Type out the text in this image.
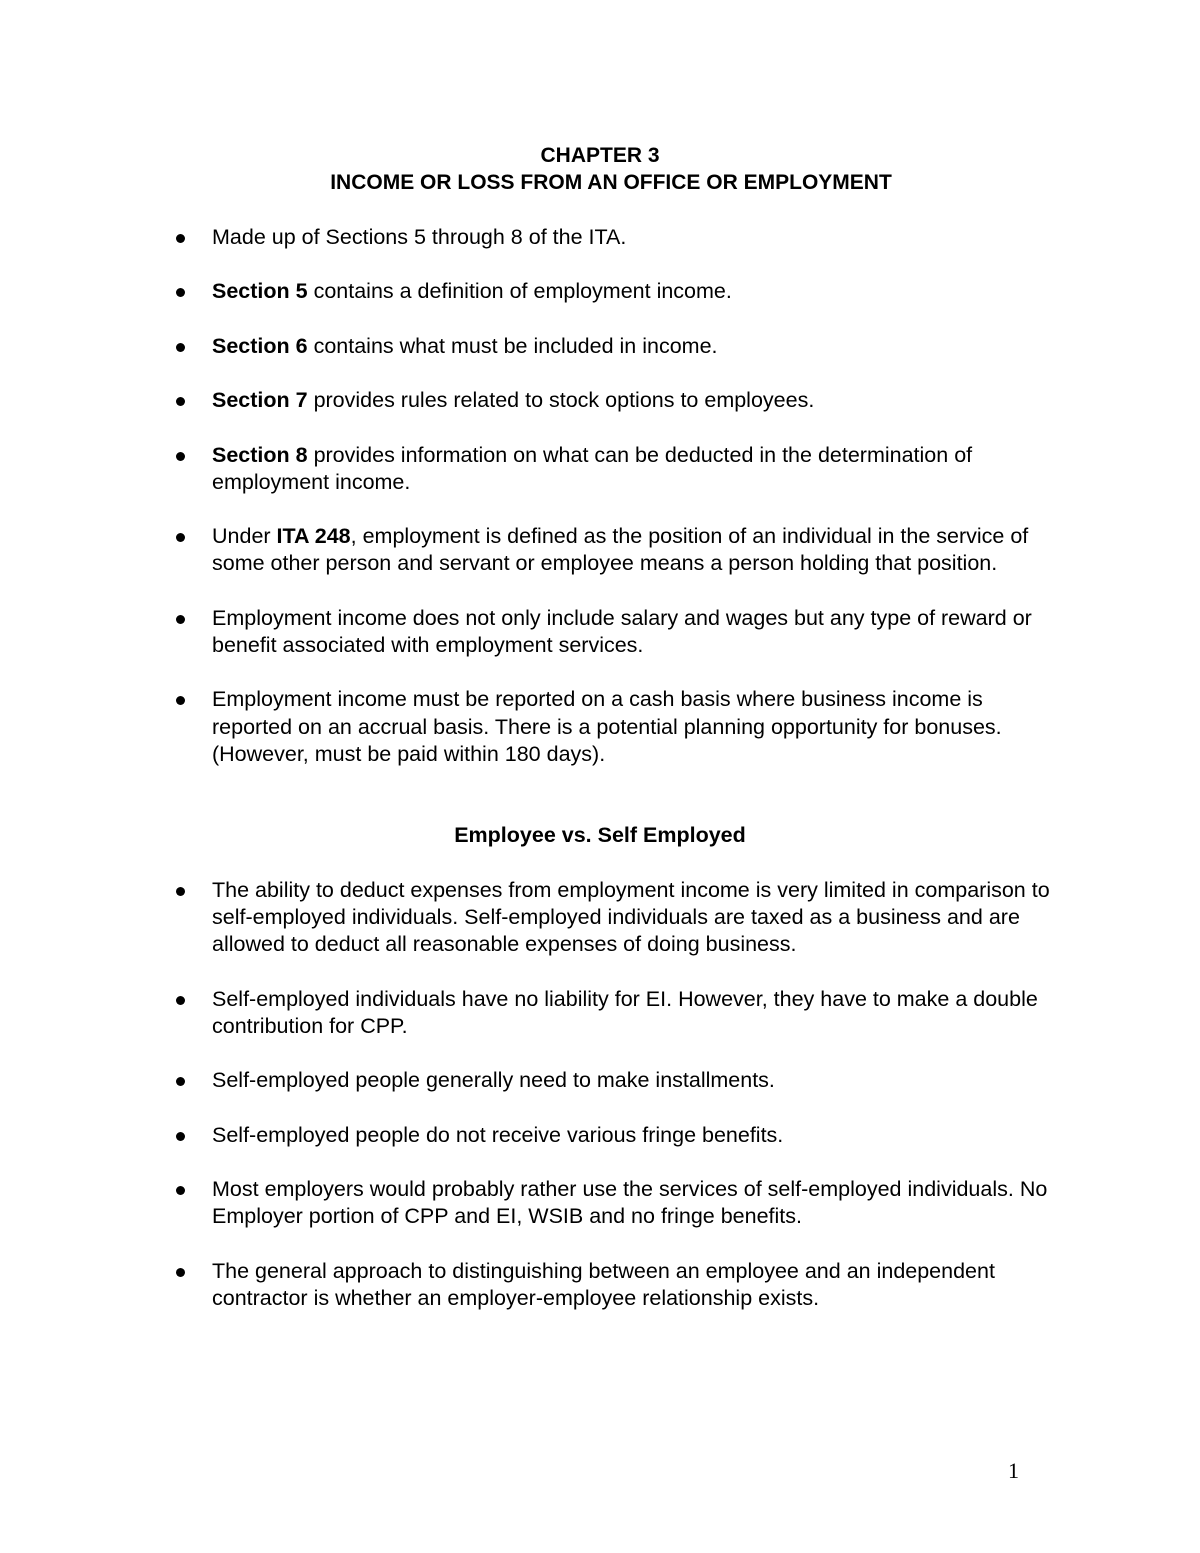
CHAPTER 3
INCOME OR LOSS FROM AN OFFICE OR EMPLOYMENT
Made up of Sections 5 through 8 of the ITA.
Section 5 contains a definition of employment income.
Section 6 contains what must be included in income.
Section 7 provides rules related to stock options to employees.
Section 8 provides information on what can be deducted in the determination of employment income.
Under ITA 248, employment is defined as the position of an individual in the service of some other person and servant or employee means a person holding that position.
Employment income does not only include salary and wages but any type of reward or benefit associated with employment services.
Employment income must be reported on a cash basis where business income is reported on an accrual basis. There is a potential planning opportunity for bonuses. (However, must be paid within 180 days).
Employee vs. Self Employed
The ability to deduct expenses from employment income is very limited in comparison to self-employed individuals. Self-employed individuals are taxed as a business and are allowed to deduct all reasonable expenses of doing business.
Self-employed individuals have no liability for EI. However, they have to make a double contribution for CPP.
Self-employed people generally need to make installments.
Self-employed people do not receive various fringe benefits.
Most employers would probably rather use the services of self-employed individuals. No Employer portion of CPP and EI, WSIB and no fringe benefits.
The general approach to distinguishing between an employee and an independent contractor is whether an employer-employee relationship exists.
1
